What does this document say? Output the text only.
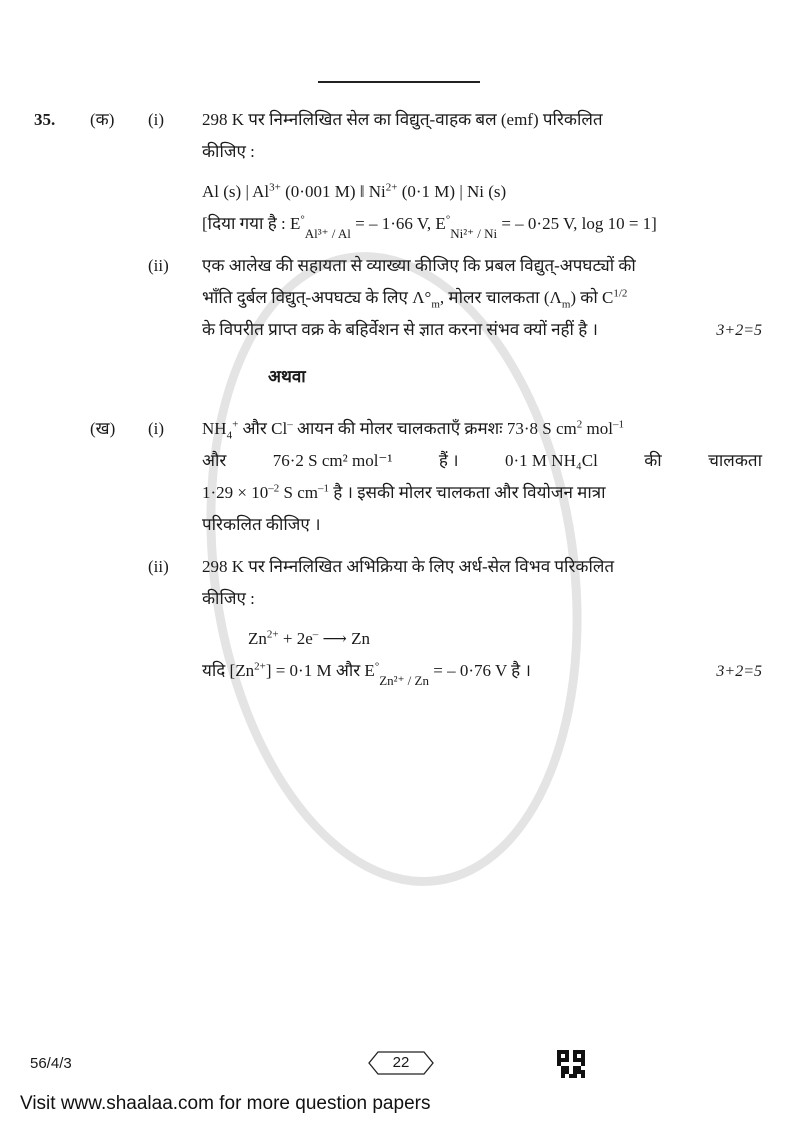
35.	(क)	(i)	298 K पर निम्नलिखित सेल का विद्युत्-वाहक बल (emf) परिकलित
कीजिए :
Al (s) | $Al^{3+}$ (0·001 M) ‖ $Ni^{2+}$ (0·1 M) | Ni (s)
[दिया गया है : $E^\circ_{Al^{3+} / Al}$ = – 1·66 V, $E^\circ_{Ni^{2+} / Ni}$ = – 0·25 V, log 10 = 1]
(ii)	एक आलेख की सहायता से व्याख्या कीजिए कि प्रबल विद्युत्-अपघट्यों की
भाँति दुर्बल विद्युत्-अपघट्य के लिए $\Lambda^\circ_m$, मोलर चालकता $(\Lambda_m)$ को $C^{1/2}$
के विपरीत प्राप्त वक्र के बहिर्वेशन से ज्ञात करना संभव क्यों नहीं है ।	3+2=5
अथवा
(ख)	(i)	$NH_4^+$ और Cl– आयन की मोलर चालकताएँ क्रमशः 73·8 S $cm^2$ mol$^{-1}$
और	76·2 S cm² mol⁻¹	हैं ।	0·1 M NH₄Cl	की	चालकता
$1\cdot 29 \times 10^{-2}$ S $cm^{-1}$ है । इसकी मोलर चालकता और वियोजन मात्रा
परिकलित कीजिए ।
(ii)	298 K पर निम्नलिखित अभिक्रिया के लिए अर्ध-सेल विभव परिकलित
कीजिए :
$Zn^{2+} + 2e^-$ ⟶ Zn
यदि $[Zn^{2+}] = 0\cdot 1$ M और $E^\circ_{Zn^{2+} / Zn}$ = – 0·76 V है ।	3+2=5
56/4/3	22
Visit www.shaalaa.com for more question papers
